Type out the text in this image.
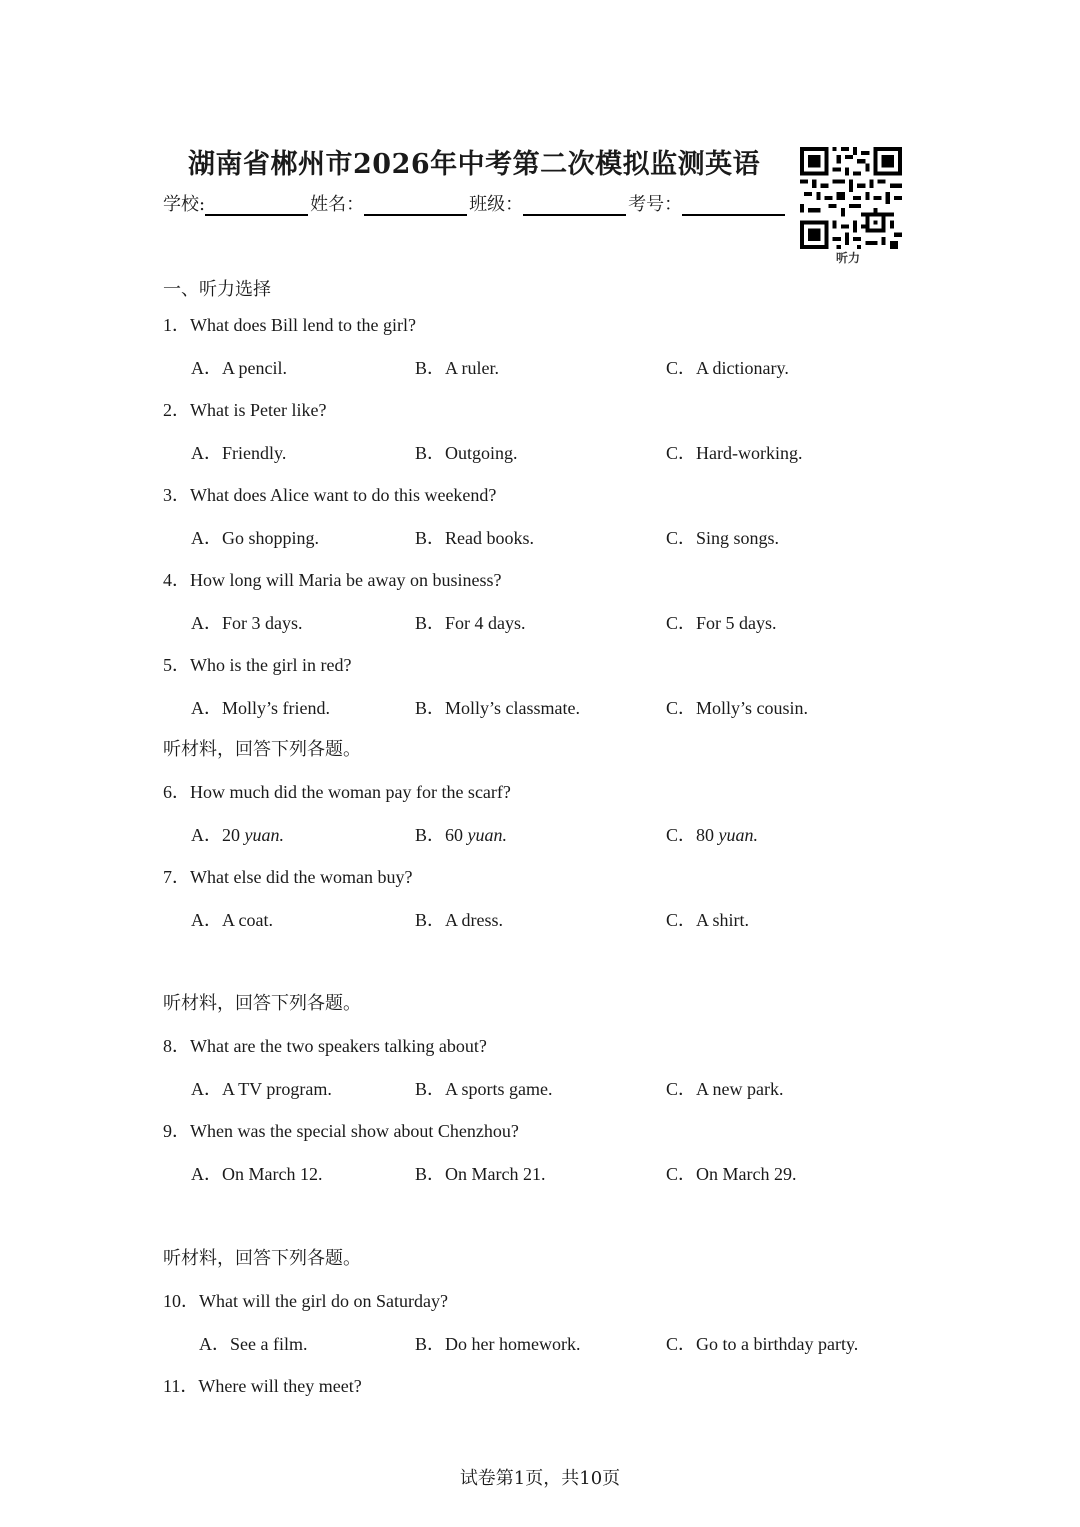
湖南省郴州市2026年中考第二次模拟监测英语
学校:	姓名：	班级：	考号：
听力
一、听力选择
1．What does Bill lend to the girl?
A．A pencil.	B．A ruler.	C．A dictionary.
2．What is Peter like?
A．Friendly.	B．Outgoing.	C．Hard-working.
3．What does Alice want to do this weekend?
A．Go shopping.	B．Read books.	C．Sing songs.
4．How long will Maria be away on business?
A．For 3 days.	B．For 4 days.	C．For 5 days.
5．Who is the girl in red?
A．Molly’s friend.	B．Molly’s classmate.	C．Molly’s cousin.
听材料，回答下列各题。
6．How much did the woman pay for the scarf?
A．20 yuan.	B．60 yuan.	C．80 yuan.
7．What else did the woman buy?
A．A coat.	B．A dress.	C．A shirt.
听材料，回答下列各题。
8．What are the two speakers talking about?
A．A TV program.	B．A sports game.	C．A new park.
9．When was the special show about Chenzhou?
A．On March 12.	B．On March 21.	C．On March 29.
听材料，回答下列各题。
10．What will the girl do on Saturday?
A．See a film.	B．Do her homework.	C．Go to a birthday party.
11．Where will they meet?
试卷第1页，共10页
